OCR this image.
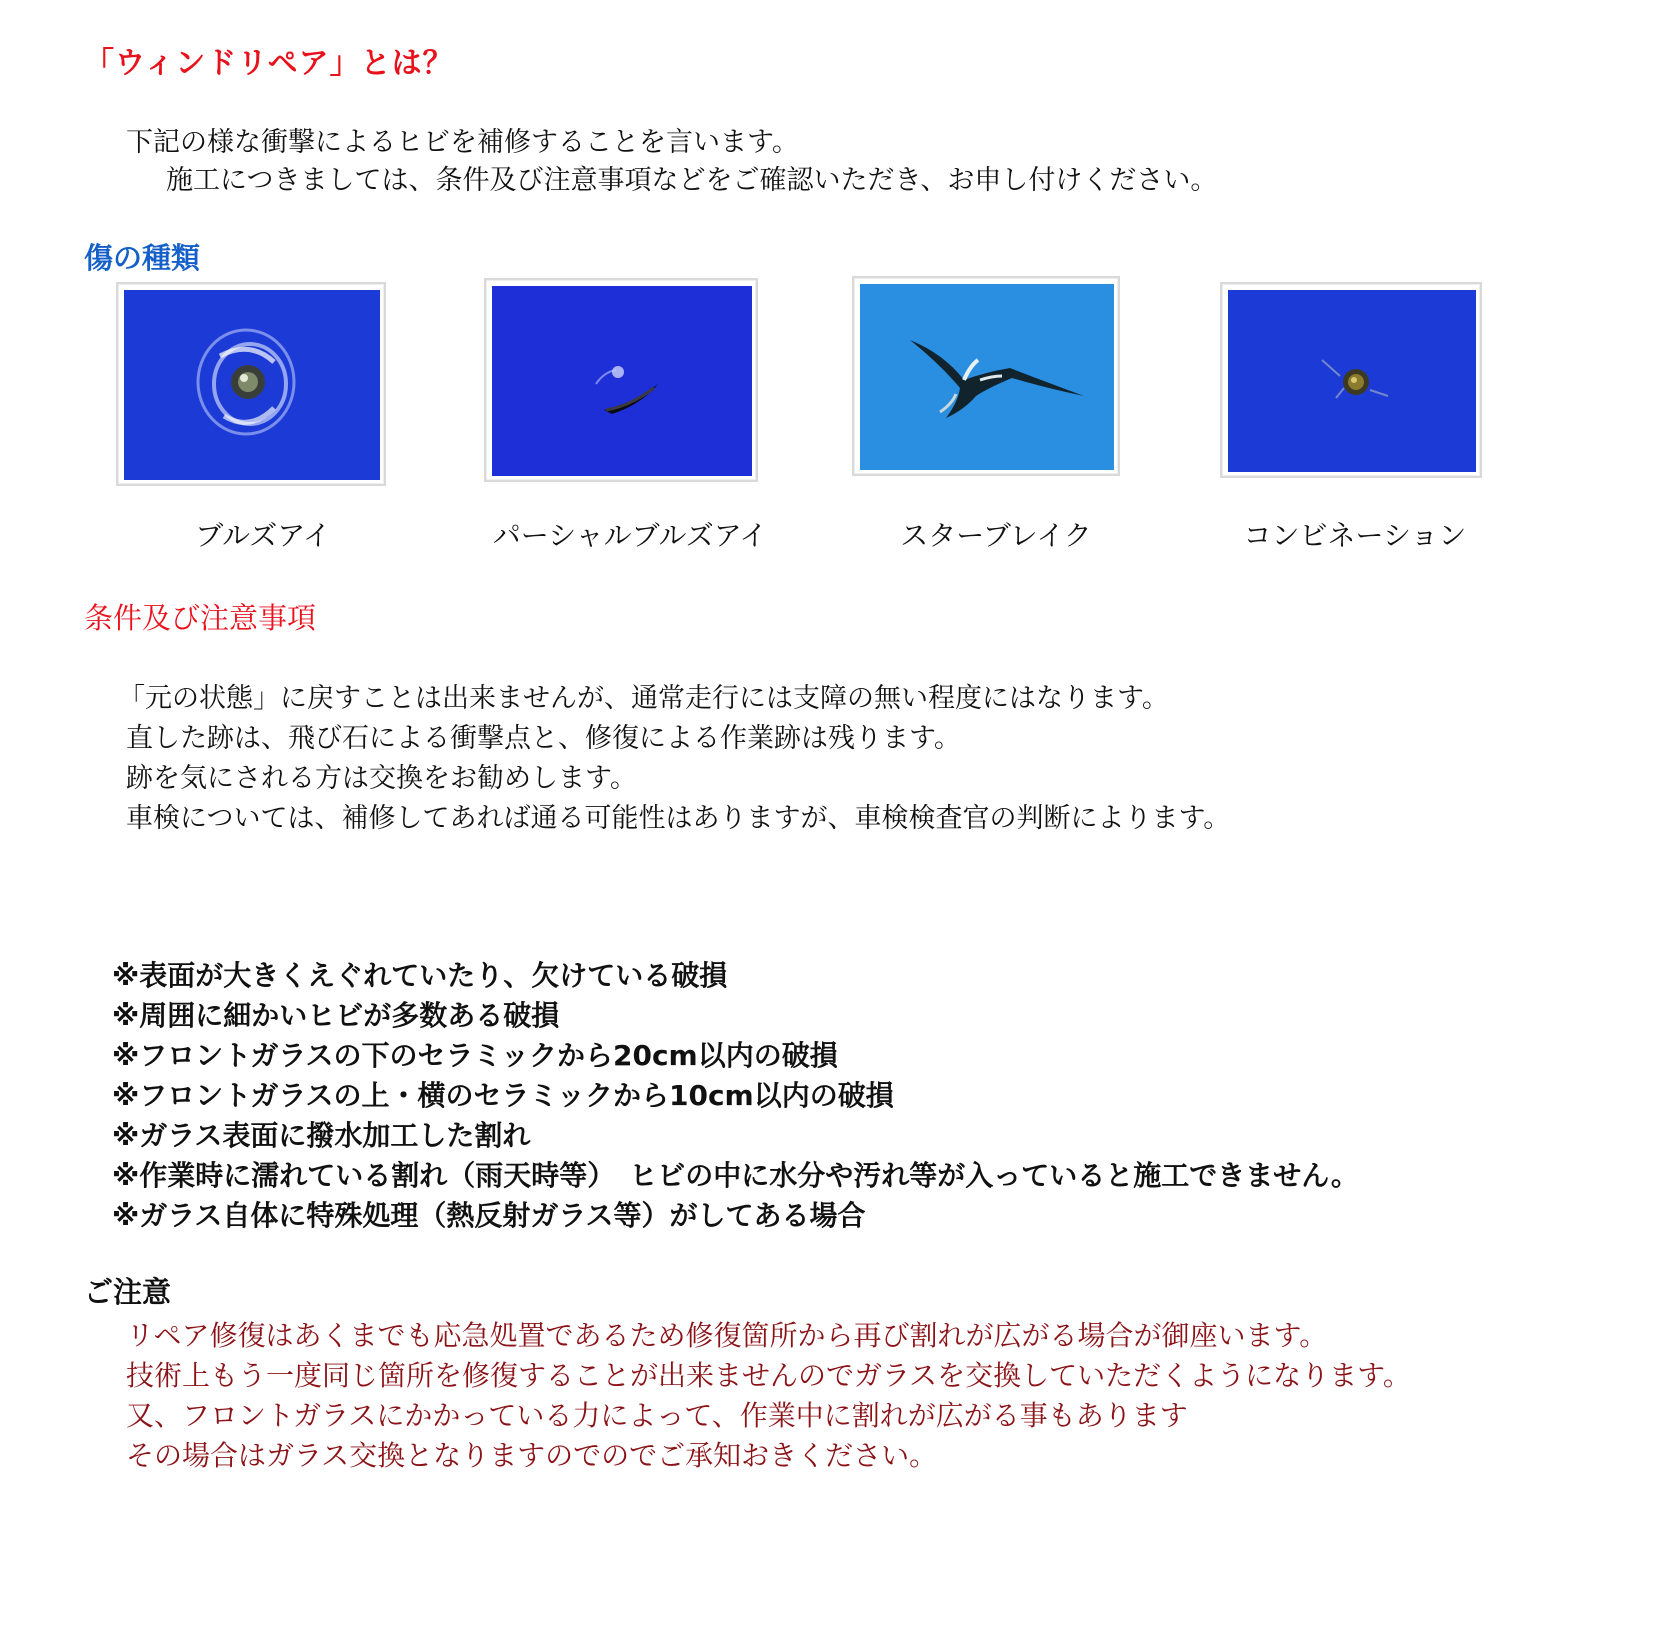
「ウィンドリペア」とは？
下記の様な衝撃によるヒビを補修することを言います。
施工につきましては、条件及び注意事項などをご確認いただき、お申し付けください。
傷の種類
ブルズアイ	パーシャルブルズアイ	スターブレイク	コンビネーション
条件及び注意事項
「元の状態」に戻すことは出来ませんが、通常走行には支障の無い程度にはなります。
直した跡は、飛び石による衝撃点と、修復による作業跡は残ります。
跡を気にされる方は交換をお勧めします。
車検については、補修してあれば通る可能性はありますが、車検検査官の判断によります。
※表面が大きくえぐれていたり、欠けている破損
※周囲に細かいヒビが多数ある破損
※フロントガラスの下のセラミックから20cm以内の破損
※フロントガラスの上・横のセラミックから10cm以内の破損
※ガラス表面に撥水加工した割れ
※作業時に濡れている割れ（雨天時等）　ヒビの中に水分や汚れ等が入っていると施工できません。
※ガラス自体に特殊処理（熱反射ガラス等）がしてある場合
ご注意
リペア修復はあくまでも応急処置であるため修復箇所から再び割れが広がる場合が御座います。
技術上もう一度同じ箇所を修復することが出来ませんのでガラスを交換していただくようになります。
又、フロントガラスにかかっている力によって、作業中に割れが広がる事もあります
その場合はガラス交換となりますのでのでご承知おきください。
